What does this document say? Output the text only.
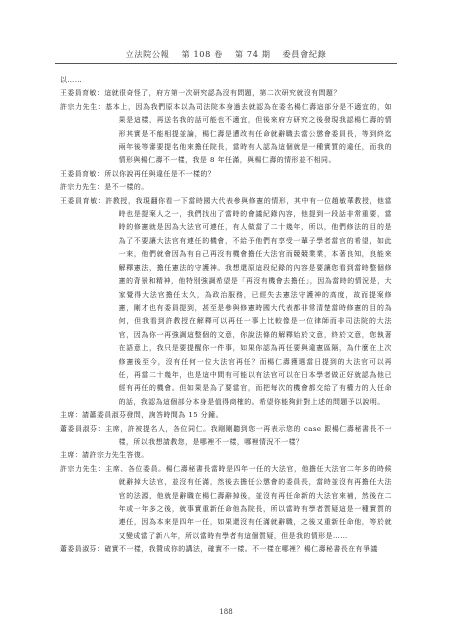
立法院公報 第 108 卷 第 74 期 委員會紀錄

以……

王委員育敏：這就很奇怪了，府方第一次研究認為沒有問題，第二次研究就沒有問題？

許宗力先生：基本上，因為我們原本以為司法院本身過去就認為在委名楊仁壽這部分是不適宜的，如果是這樣，再送名我的話可能也不適宜，但後來府方研究之後發現我認楊仁壽的情形其實是不能相提並論，楊仁壽是遭改有任命就辭職去當公懲會委員長，等到終迄兩年後等審要提名他來擔任院長，當時有人認為這個就是一種實質的違任，而我的情形與楊仁壽不一樣，我是 8 年任滿，與楊仁壽的情形並不相同。

王委員育敏：所以你說再任與違任是不一樣的？

許宗力先生：是不一樣的。

王委員育敏：許教授，我現翻你看一下當時國大代表參與修憲的情形，其中有一位趙敏華教授，他當時也是提案人之一，我們找出了當時的會議紀錄內容，他提到一段話非常重要，當時的修憲就是因為大法官可連任，有人做當了二十幾年，所以，他們修法的目的是為了不要讓大法官有連任的機會，不給予他們有享受一輩子學者當官的希望，如此一來，他們就會因為有自己再沒有機會擔任大法官而競競業業，本著良知，良能來解釋憲法，擔任憲法的守護神。我想還原這段紀錄的內容是要讓您看到當時整個修憲的背景和精神，他特別強調希望是「再沒有機會去擔任」，因為當時的情況是，大家覺得大法官擔任太久，為政治服務，已經失去憲法守護神的高度，故而提案修憲，剛才也有委員提到，甚至是參與修憲時國大代表都非常清楚當時修憲的目的為何，但我看到許教授在解釋可以再任一事上比較像是一位律師而非司法院的大法官，因為你一再強調這整個的文意，你說法條的解釋始於文意，終於文意，您執著在語意上，我只是要提醒你一件事，如果你認為再任要與違憲區隔，為什麼在上次修憲後至今，沒有任何一位大法官再任？而楊仁壽獲選當日提到的大法官可以再任，再當二十幾年，也是這中間有可能以有法官可以在日本學者做正好就認為他已經有再任的機會。但如果是為了要當官，而把每次的機會都交給了有權力的人任命的話，我認為這個部分本身是值得商榷的。希望你能夠針對上述的問題予以說明。

主席：請蕭委員淑芬發問，詢答時間為 15 分鐘。

蕭委員淑芬：主席，許被提名人，各位同仁。我剛剛聽到您一再表示您的 case 跟楊仁壽秘書長不一樣，所以我想請教您，是哪裡不一樣，哪裡情況不一樣？

主席：請許宗力先生答復。

許宗力先生：主席、各位委員。楊仁壽秘書長當時是四年一任的大法官，他擔任大法官二年多的時候就辭掉大法官，並沒有任滿，然後去擔任公懲會的委員長，當時並沒有再擔任大法官的法源，他就是辭職在楊仁壽辭掉後，並沒有再任命新的大法官來補，然後在二年或一年多之後，就事實重新任命他為院長，所以當時有學者質疑這是一種實質的連任，因為本來是四年一任，如果還沒有任滿就辭職，之後又重新任命他，等於就又變成當了新八年，所以當時有學者有這個質疑，但是我的情形是……

蕭委員淑芬：確實不一樣，我贊成你的講法，確實不一樣。不一樣在哪裡？楊仁壽秘書長在有爭議

188
